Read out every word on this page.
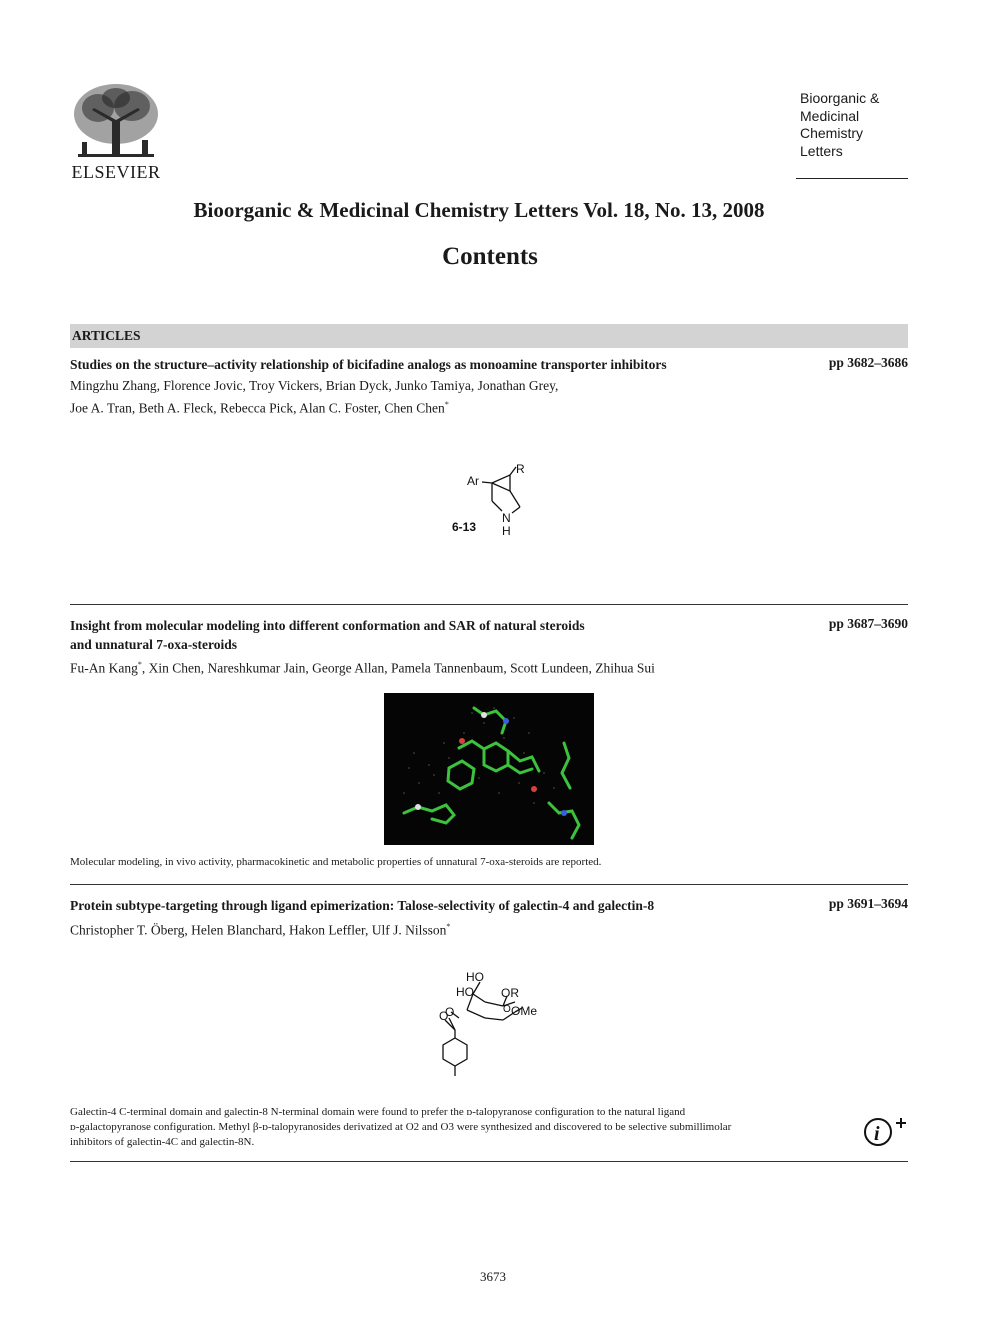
ELSEVIER
Bioorganic &
Medicinal
Chemistry
Letters
Bioorganic & Medicinal Chemistry Letters Vol. 18, No. 13, 2008
Contents
ARTICLES
Studies on the structure–activity relationship of bicifadine analogs as monoamine transporter inhibitors	pp 3682–3686
Mingzhu Zhang, Florence Jovic, Troy Vickers, Brian Dyck, Junko Tamiya, Jonathan Grey,
Joe A. Tran, Beth A. Fleck, Rebecca Pick, Alan C. Foster, Chen Chen*
Ar
R
N
H
6-13
Insight from molecular modeling into different conformation and SAR of natural steroids
and unnatural 7-oxa-steroids
pp 3687–3690
Fu-An Kang*, Xin Chen, Nareshkumar Jain, George Allan, Pamela Tannenbaum, Scott Lundeen, Zhihua Sui
Molecular modeling, in vivo activity, pharmacokinetic and metabolic properties of unnatural 7-oxa-steroids are reported.
Protein subtype-targeting through ligand epimerization: Talose-selectivity of galectin-4 and galectin-8	pp 3691–3694
Christopher T. Öberg, Helen Blanchard, Hakon Leffler, Ulf J. Nilsson*
HO
HO OR
O
O
O	OMe
Galectin-4 C-terminal domain and galectin-8 N-terminal domain were found to prefer the ᴅ-talopyranose configuration to the natural ligand
ᴅ-galactopyranose configuration. Methyl β-ᴅ-talopyranosides derivatized at O2 and O3 were synthesized and discovered to be selective submillimolar
inhibitors of galectin-4C and galectin-8N.	i
3673
